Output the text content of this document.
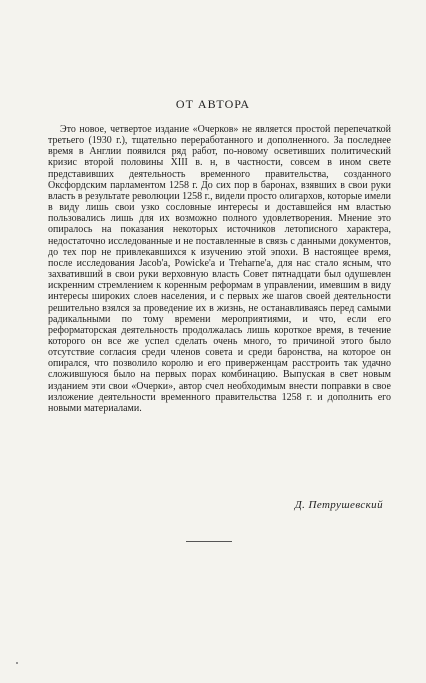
ОТ АВТОРА
Это новое, четвертое издание «Очерков» не является простой перепечаткой третьего (1930 г.), тщательно переработанного и дополненного. За последнее время в Англии появился ряд работ, по-новому осветивших политический кризис второй половины XIII в. н, в частности, совсем в ином свете представивших деятельность временного правительства, созданного Оксфордским парламентом 1258 г. До сих пор в баронах, взявших в свои руки власть в результате революции 1258 г., видели просто олигархов, которые имели в виду лишь свои узко сословные интересы и доставшейся нм властью пользовались лишь для их возможно полного удовлетворения. Мнение это опиралось на показания некоторых источников летописного характера, недостаточно исследованные и не поставленные в связь с данными документов, до тех пор не привлекавшихся к изучению этой эпохи. В настоящее время, после исследования Jacob'a, Powicke'a и Treharne'a, для нас стало ясным, что захвативший в свои руки верховную власть Совет пятнадцати был одушевлен искренним стремлением к коренным реформам в управлении, имевшим в виду интересы широких слоев населения, и с первых же шагов своей деятельности решительно взялся за проведение их в жизнь, не останавливаясь перед самыми радикальными по тому времени мероприятиями, и что, если его реформаторская деятельность продолжалась лишь короткое время, в течение которого он все же успел сделать очень много, то причиной этого было отсутствие согласия среди членов совета и среди баронства, на которое он опирался, что позволило королю и его приверженцам расстроить так удачно сложившуюся было на первых порах комбинацию. Выпуская в свет новым изданием эти свои «Очерки», автор счел необходимым внести поправки в свое изложение деятельности временного правительства 1258 г. и дополнить его новыми материалами.
Д. Петрушевский
